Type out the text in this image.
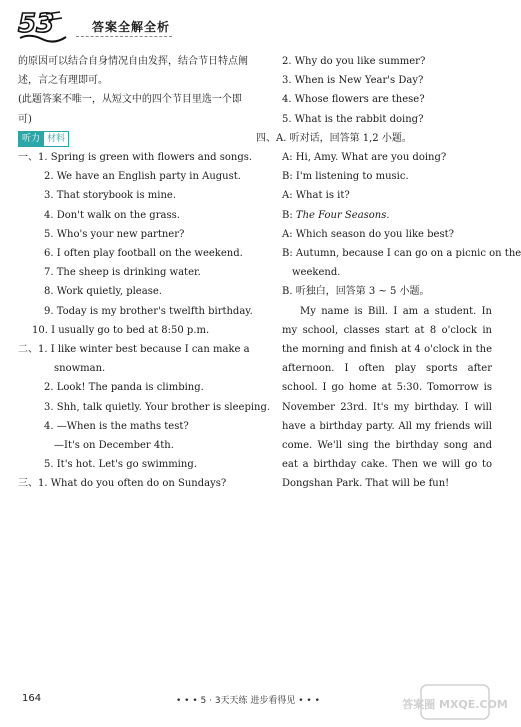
53	答案全解全析
的原因可以结合自身情况自由发挥，结合节日特点阐
述，言之有理即可。
(此题答案不唯一，从短文中的四个节目里选一个即
可)
听力 材料
一、1. Spring is green with flowers and songs.
2. We have an English party in August.
3. That storybook is mine.
4. Don't walk on the grass.
5. Who's your new partner?
6. I often play football on the weekend.
7. The sheep is drinking water.
8. Work quietly, please.
9. Today is my brother's twelfth birthday.
10. I usually go to bed at 8:50 p.m.
二、1. I like winter best because I can make a
snowman.
2. Look! The panda is climbing.
3. Shh, talk quietly. Your brother is sleeping.
4. —When is the maths test?
—It's on December 4th.
5. It's hot. Let's go swimming.
三、1. What do you often do on Sundays?
2. Why do you like summer?
3. When is New Year's Day?
4. Whose flowers are these?
5. What is the rabbit doing?
四、A. 听对话，回答第 1,2 小题。
A: Hi, Amy. What are you doing?
B: I'm listening to music.
A: What is it?
B: The Four Seasons.
A: Which season do you like best?
B: Autumn, because I can go on a picnic on the
weekend.
B. 听独白，回答第 3 ~ 5 小题。
My name is Bill. I am a student. In my school, classes start at 8 o'clock in the morning and finish at 4 o'clock in the afternoon. I often play sports after school. I go home at 5:30. Tomorrow is November 23rd. It's my birthday. I will have a birthday party. All my friends will come. We'll sing the birthday song and eat a birthday cake. Then we will go to Dongshan Park. That will be fun!
164	• • • 5 · 3天天练 进步看得见 • • •	答案圈 MXQE.COM
